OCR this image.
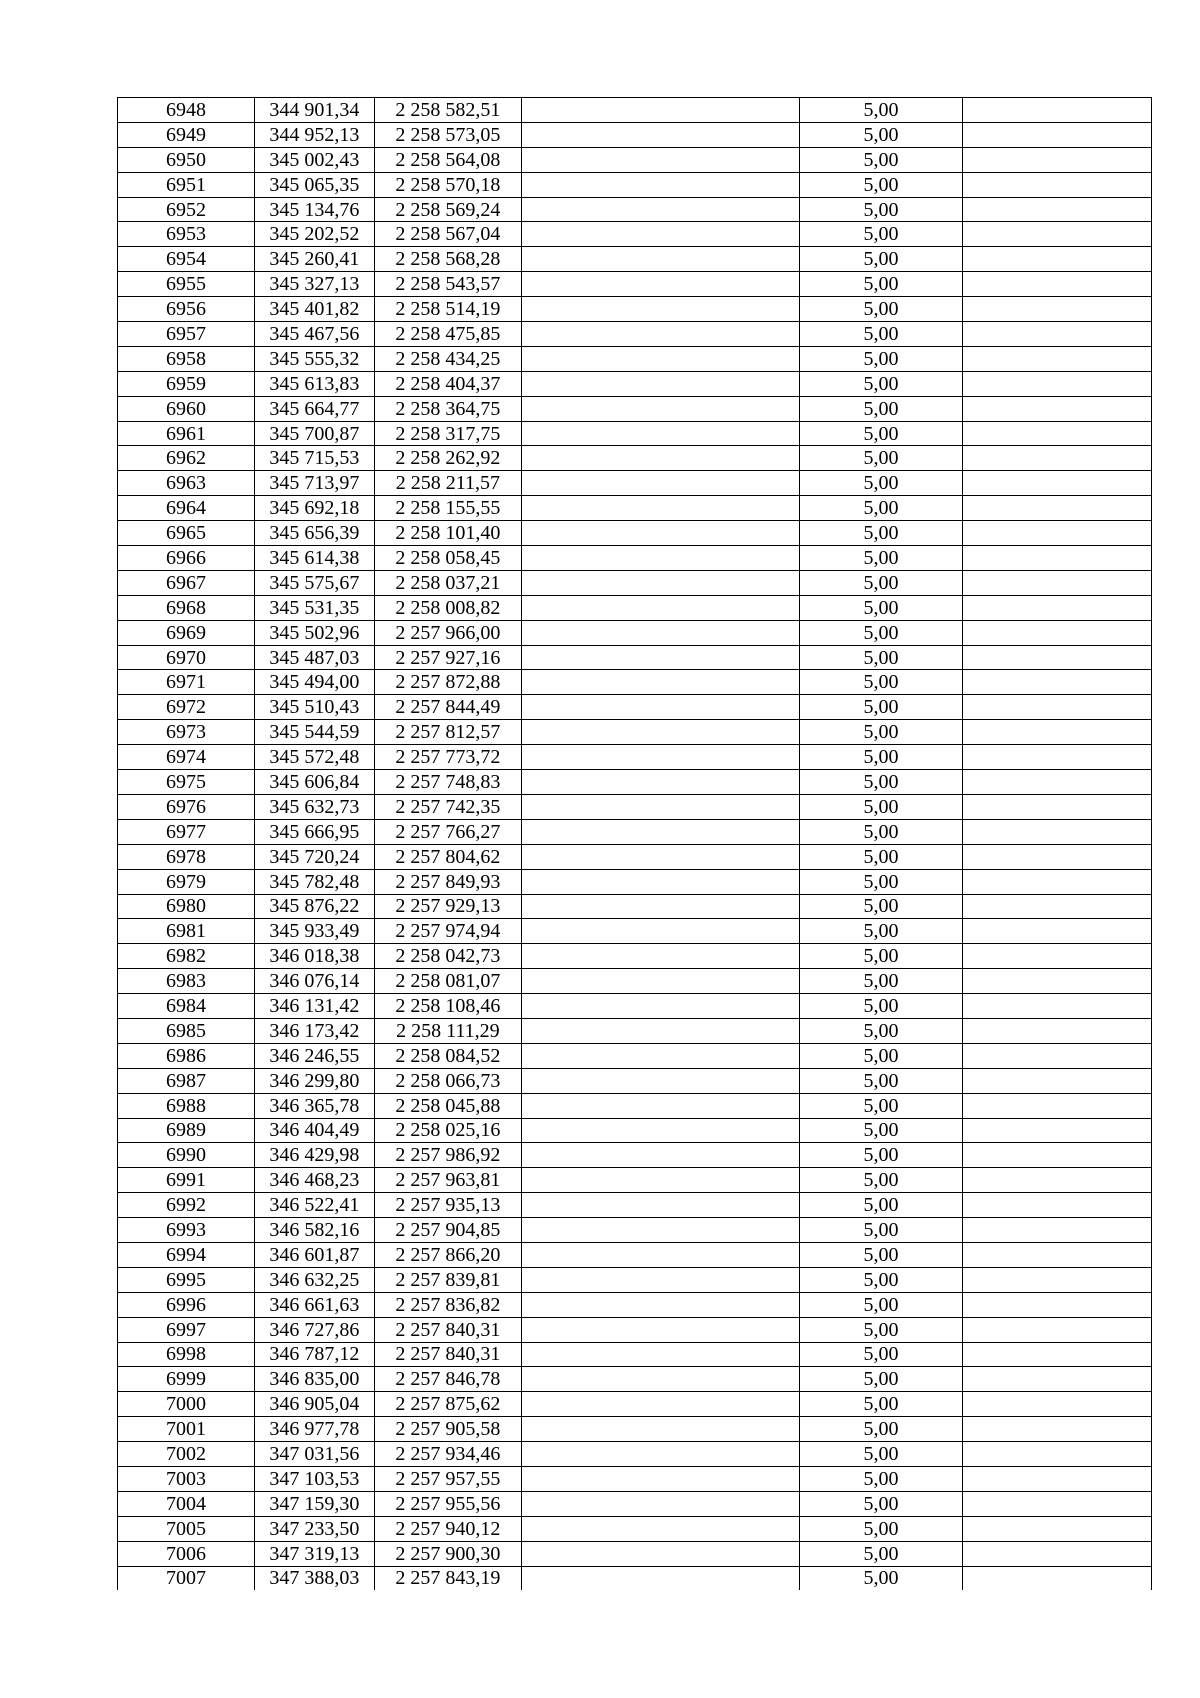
6948	344 901,34	2 258 582,51		5,00	
6949	344 952,13	2 258 573,05		5,00	
6950	345 002,43	2 258 564,08		5,00	
6951	345 065,35	2 258 570,18		5,00	
6952	345 134,76	2 258 569,24		5,00	
6953	345 202,52	2 258 567,04		5,00	
6954	345 260,41	2 258 568,28		5,00	
6955	345 327,13	2 258 543,57		5,00	
6956	345 401,82	2 258 514,19		5,00	
6957	345 467,56	2 258 475,85		5,00	
6958	345 555,32	2 258 434,25		5,00	
6959	345 613,83	2 258 404,37		5,00	
6960	345 664,77	2 258 364,75		5,00	
6961	345 700,87	2 258 317,75		5,00	
6962	345 715,53	2 258 262,92		5,00	
6963	345 713,97	2 258 211,57		5,00	
6964	345 692,18	2 258 155,55		5,00	
6965	345 656,39	2 258 101,40		5,00	
6966	345 614,38	2 258 058,45		5,00	
6967	345 575,67	2 258 037,21		5,00	
6968	345 531,35	2 258 008,82		5,00	
6969	345 502,96	2 257 966,00		5,00	
6970	345 487,03	2 257 927,16		5,00	
6971	345 494,00	2 257 872,88		5,00	
6972	345 510,43	2 257 844,49		5,00	
6973	345 544,59	2 257 812,57		5,00	
6974	345 572,48	2 257 773,72		5,00	
6975	345 606,84	2 257 748,83		5,00	
6976	345 632,73	2 257 742,35		5,00	
6977	345 666,95	2 257 766,27		5,00	
6978	345 720,24	2 257 804,62		5,00	
6979	345 782,48	2 257 849,93		5,00	
6980	345 876,22	2 257 929,13		5,00	
6981	345 933,49	2 257 974,94		5,00	
6982	346 018,38	2 258 042,73		5,00	
6983	346 076,14	2 258 081,07		5,00	
6984	346 131,42	2 258 108,46		5,00	
6985	346 173,42	2 258 111,29		5,00	
6986	346 246,55	2 258 084,52		5,00	
6987	346 299,80	2 258 066,73		5,00	
6988	346 365,78	2 258 045,88		5,00	
6989	346 404,49	2 258 025,16		5,00	
6990	346 429,98	2 257 986,92		5,00	
6991	346 468,23	2 257 963,81		5,00	
6992	346 522,41	2 257 935,13		5,00	
6993	346 582,16	2 257 904,85		5,00	
6994	346 601,87	2 257 866,20		5,00	
6995	346 632,25	2 257 839,81		5,00	
6996	346 661,63	2 257 836,82		5,00	
6997	346 727,86	2 257 840,31		5,00	
6998	346 787,12	2 257 840,31		5,00	
6999	346 835,00	2 257 846,78		5,00	
7000	346 905,04	2 257 875,62		5,00	
7001	346 977,78	2 257 905,58		5,00	
7002	347 031,56	2 257 934,46		5,00	
7003	347 103,53	2 257 957,55		5,00	
7004	347 159,30	2 257 955,56		5,00	
7005	347 233,50	2 257 940,12		5,00	
7006	347 319,13	2 257 900,30		5,00	
7007	347 388,03	2 257 843,19		5,00	
